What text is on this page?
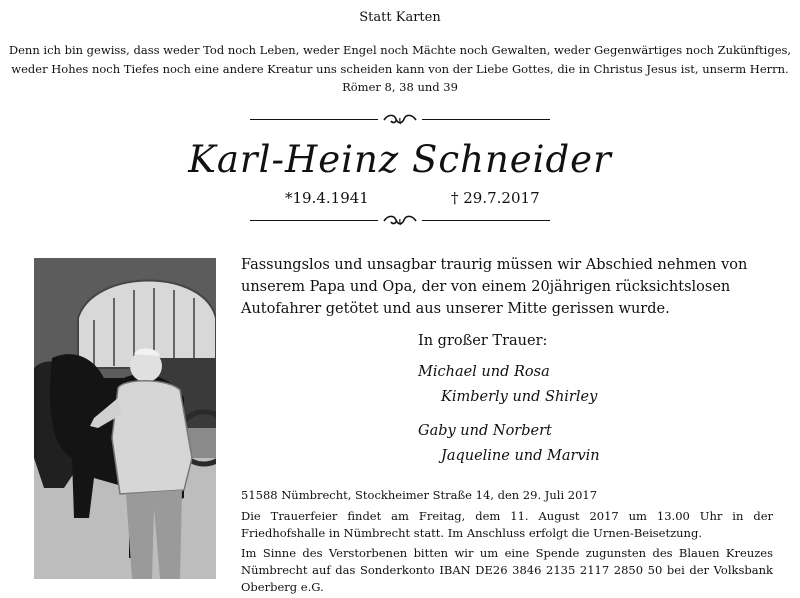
Statt Karten
Denn ich bin gewiss, dass weder Tod noch Leben, weder Engel noch Mächte noch Gewalten, weder Gegenwärtiges noch Zukünftiges,
weder Hohes noch Tiefes noch eine andere Kreatur uns scheiden kann von der Liebe Gottes, die in Christus Jesus ist, unserm Herrn.
Römer 8, 38 und 39
Karl-Heinz Schneider
*19.4.1941	† 29.7.2017

Fassungslos und unsagbar traurig müssen wir Abschied nehmen von unserem Papa und Opa, der von einem 20jährigen rücksichtslosen Autofahrer getötet und aus unserer Mitte gerissen wurde.

In großer Trauer:
Michael und Rosa
Kimberly und Shirley
Gaby und Norbert
Jaqueline und Marvin

51588 Nümbrecht, Stockheimer Straße 14, den 29. Juli 2017

Die Trauerfeier findet am Freitag, dem 11. August 2017 um 13.00 Uhr in der Friedhofshalle in Nümbrecht statt. Im Anschluss erfolgt die Urnen-Beisetzung.

Im Sinne des Verstorbenen bitten wir um eine Spende zugunsten des Blauen Kreuzes Nümbrecht auf das Sonderkonto IBAN DE26 3846 2135 2117 2850 50 bei der Volksbank Oberberg e.G.
